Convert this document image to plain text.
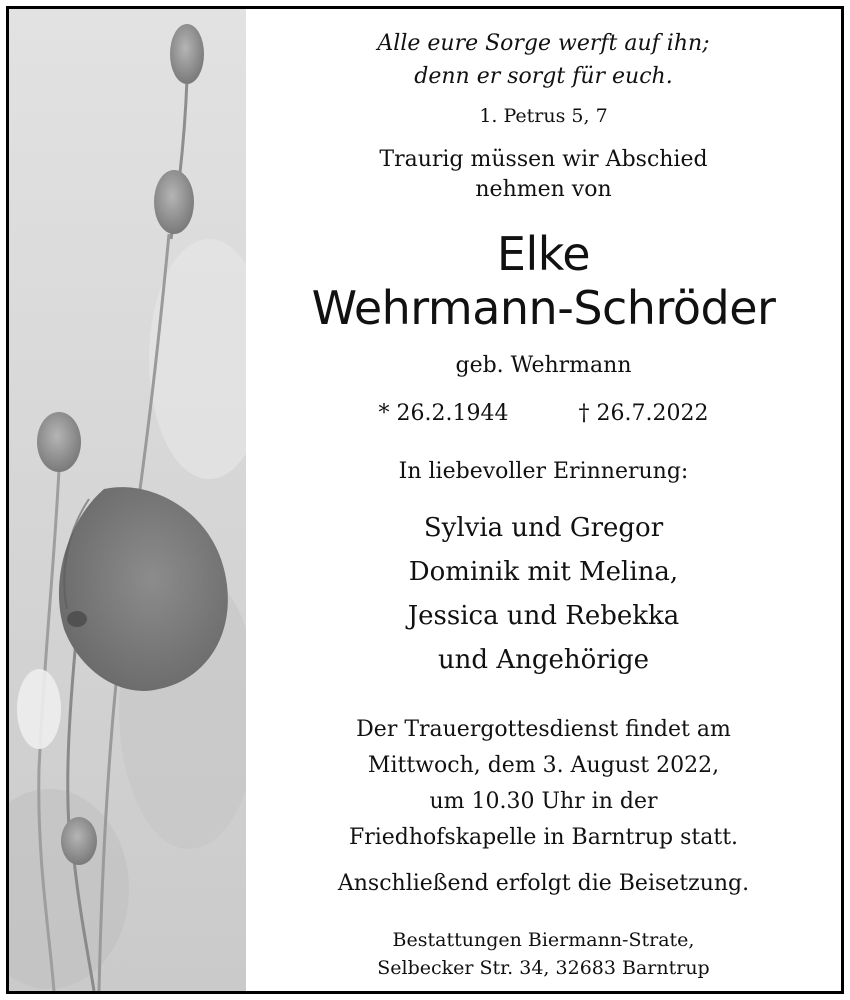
Alle eure Sorge werft auf ihn;
denn er sorgt für euch.
1. Petrus 5, 7
Traurig müssen wir Abschied
nehmen von
Elke
Wehrmann-Schröder
geb. Wehrmann
* 26.2.1944	† 26.7.2022
In liebevoller Erinnerung:
Sylvia und Gregor
Dominik mit Melina,
Jessica und Rebekka
und Angehörige
Der Trauergottesdienst findet am
Mittwoch, dem 3. August 2022,
um 10.30 Uhr in der
Friedhofskapelle in Barntrup statt.
Anschließend erfolgt die Beisetzung.
Bestattungen Biermann-Strate,
Selbecker Str. 34, 32683 Barntrup
